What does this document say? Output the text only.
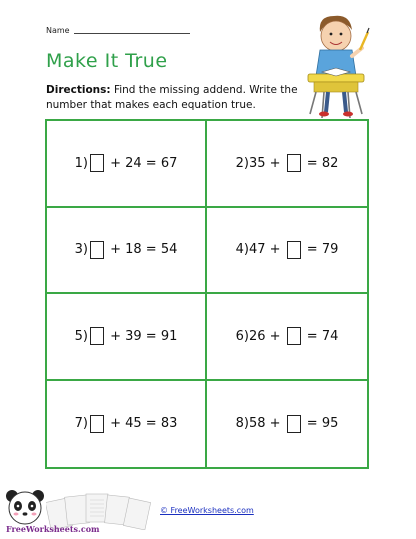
Name
Make It True
Directions: Find the missing addend. Write the number that makes each equation true.
1) + 24 = 67	2) 35 + = 82
3) + 18 = 54	4) 47 + = 79
5) + 39 = 91	6) 26 + = 74
7) + 45 = 83	8) 58 + = 95
FreeWorksheets.com
© FreeWorksheets.com
